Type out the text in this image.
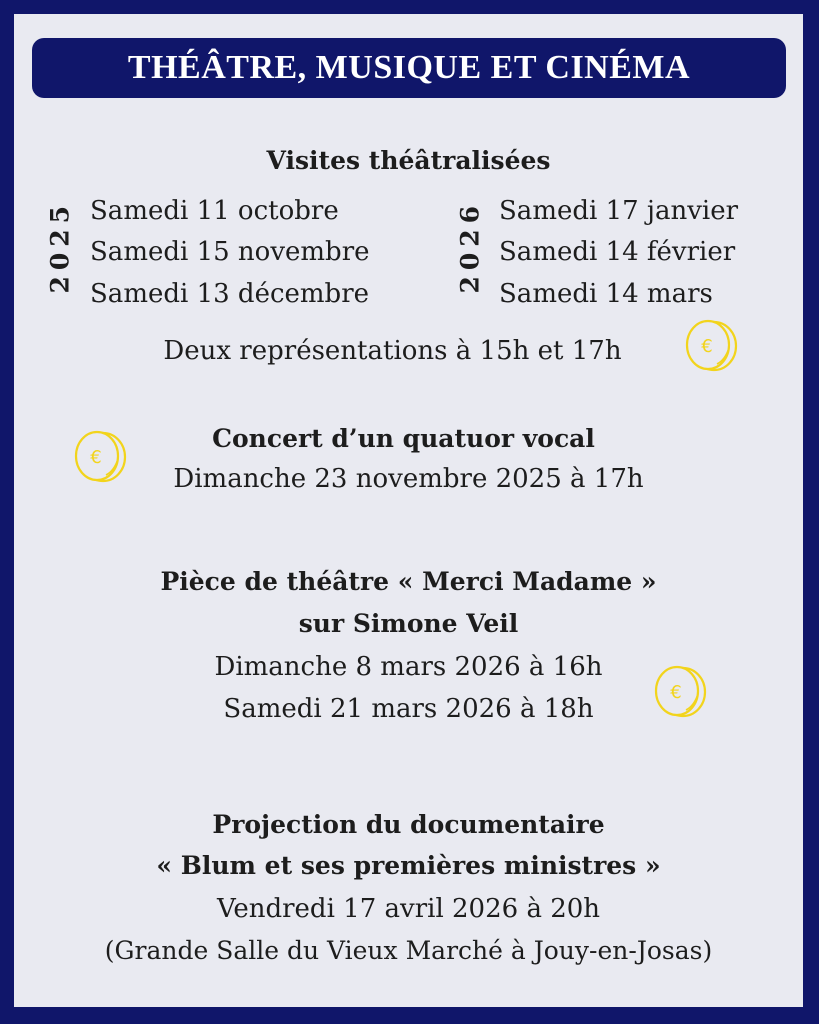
THÉÂTRE, MUSIQUE ET CINÉMA
Visites théâtralisées
2025 Samedi 11 octobre
Samedi 15 novembre
Samedi 13 décembre
2026 Samedi 17 janvier
Samedi 14 février
Samedi 14 mars
Deux représentations à 15h et 17h
Concert d’un quatuor vocal
Dimanche 23 novembre 2025 à 17h
Pièce de théâtre « Merci Madame »
sur Simone Veil
Dimanche 8 mars 2026 à 16h
Samedi 21 mars 2026 à 18h
Projection du documentaire
« Blum et ses premières ministres »
Vendredi 17 avril 2026 à 20h
(Grande Salle du Vieux Marché à Jouy-en-Josas)
€
€
€
